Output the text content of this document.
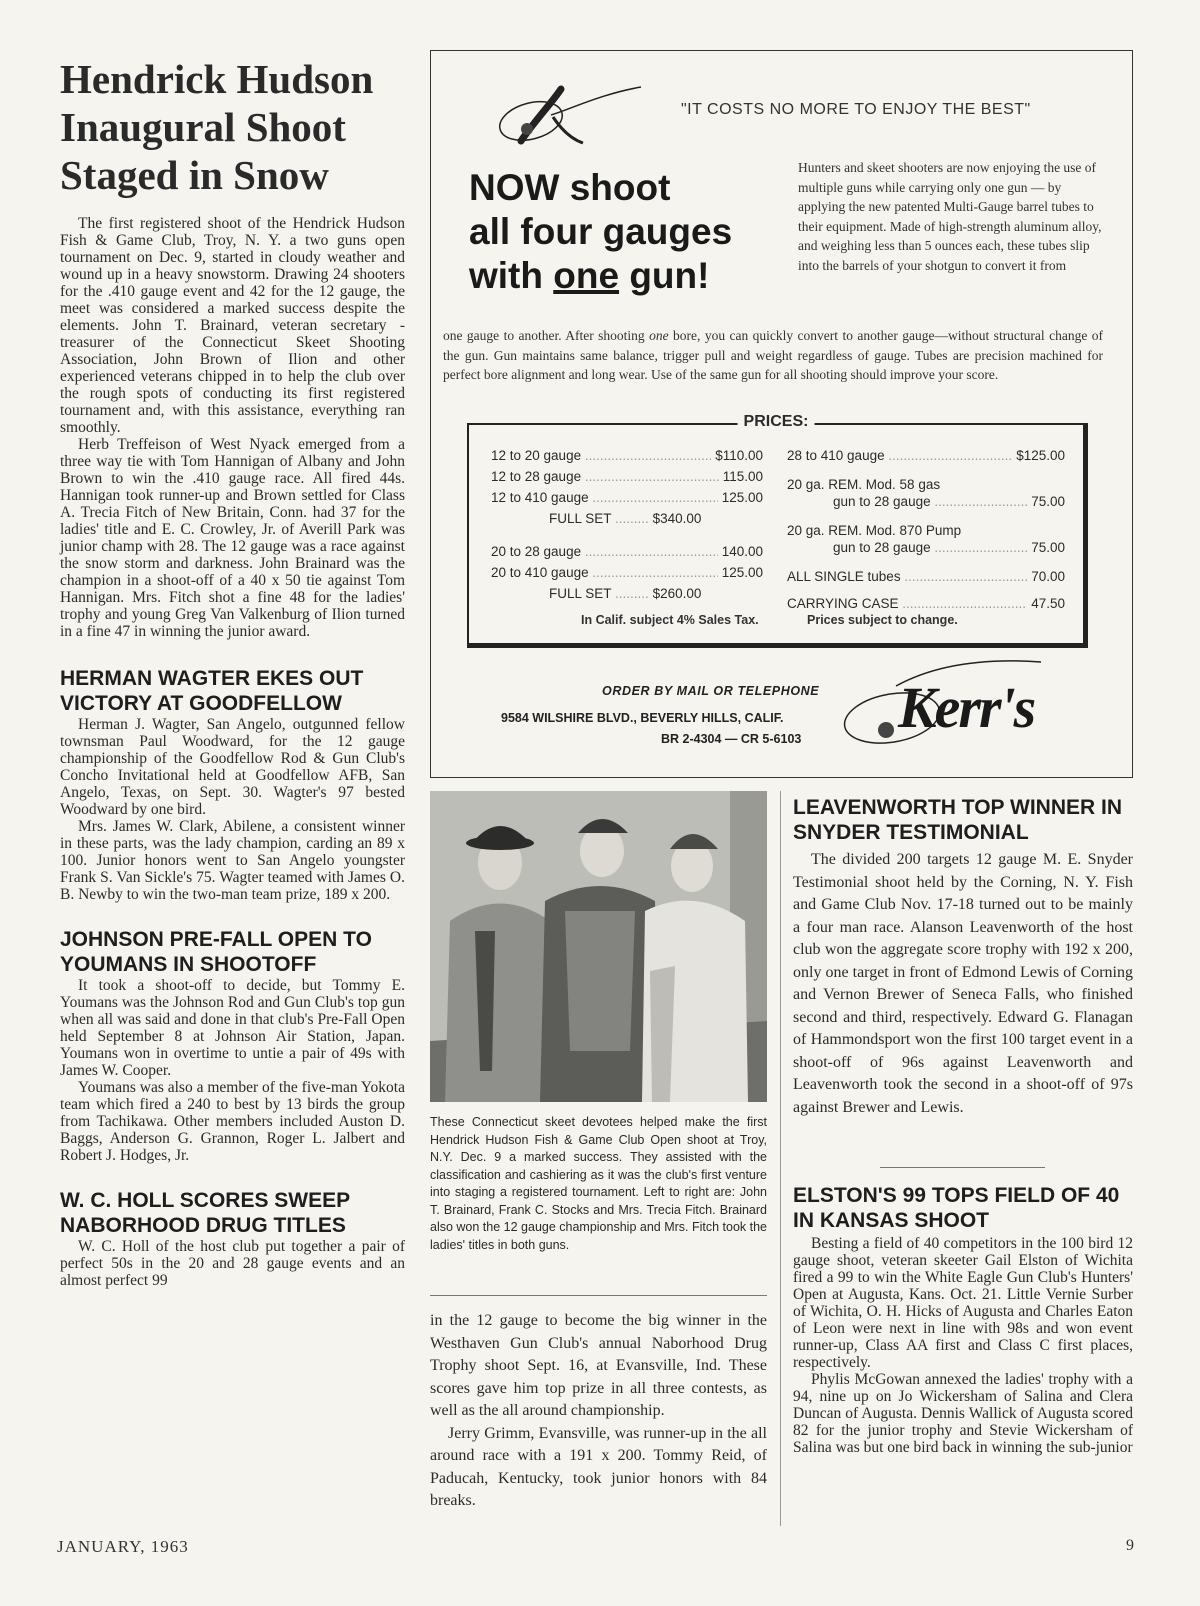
Hendrick Hudson Inaugural Shoot Staged in Snow

The first registered shoot of the Hendrick Hudson Fish & Game Club, Troy, N. Y. a two guns open tournament on Dec. 9, started in cloudy weather and wound up in a heavy snowstorm. Drawing 24 shooters for the .410 gauge event and 42 for the 12 gauge, the meet was considered a marked success despite the elements. John T. Brainard, veteran secretary - treasurer of the Connecticut Skeet Shooting Association, John Brown of Ilion and other experienced veterans chipped in to help the club over the rough spots of conducting its first registered tournament and, with this assistance, everything ran smoothly.

Herb Treffeison of West Nyack emerged from a three way tie with Tom Hannigan of Albany and John Brown to win the .410 gauge race. All fired 44s. Hannigan took runner-up and Brown settled for Class A. Trecia Fitch of New Britain, Conn. had 37 for the ladies' title and E. C. Crowley, Jr. of Averill Park was junior champ with 28. The 12 gauge was a race against the snow storm and darkness. John Brainard was the champion in a shoot-off of a 40 x 50 tie against Tom Hannigan. Mrs. Fitch shot a fine 48 for the ladies' trophy and young Greg Van Valkenburg of Ilion turned in a fine 47 in winning the junior award.

HERMAN WAGTER EKES OUT VICTORY AT GOODFELLOW

Herman J. Wagter, San Angelo, outgunned fellow townsman Paul Woodward, for the 12 gauge championship of the Goodfellow Rod & Gun Club's Concho Invitational held at Goodfellow AFB, San Angelo, Texas, on Sept. 30. Wagter's 97 bested Woodward by one bird.

Mrs. James W. Clark, Abilene, a consistent winner in these parts, was the lady champion, carding an 89 x 100. Junior honors went to San Angelo youngster Frank S. Van Sickle's 75. Wagter teamed with James O. B. Newby to win the two-man team prize, 189 x 200.

JOHNSON PRE-FALL OPEN TO YOUMANS IN SHOOTOFF

It took a shoot-off to decide, but Tommy E. Youmans was the Johnson Rod and Gun Club's top gun when all was said and done in that club's Pre-Fall Open held September 8 at Johnson Air Station, Japan. Youmans won in overtime to untie a pair of 49s with James W. Cooper.

Youmans was also a member of the five-man Yokota team which fired a 240 to best by 13 birds the group from Tachikawa. Other members included Auston D. Baggs, Anderson G. Grannon, Roger L. Jalbert and Robert J. Hodges, Jr.

W. C. HOLL SCORES SWEEP NABORHOOD DRUG TITLES

W. C. Holl of the host club put together a pair of perfect 50s in the 20 and 28 gauge events and an almost perfect 99

"IT COSTS NO MORE TO ENJOY THE BEST"
NOW shoot
all four gauges
with one gun!

Hunters and skeet shooters are now enjoying the use of multiple guns while carrying only one gun — by applying the new patented Multi-Gauge barrel tubes to their equipment. Made of high-strength aluminum alloy, and weighing less than 5 ounces each, these tubes slip into the barrels of your shotgun to convert it from

one gauge to another. After shooting one bore, you can quickly convert to another gauge—without structural change of the gun. Gun maintains same balance, trigger pull and weight regardless of gauge. Tubes are precision machined for perfect bore alignment and long wear. Use of the same gun for all shooting should improve your score.

PRICES:
12 to 20 gauge .....	$110.00
12 to 28 gauge .....	115.00
12 to 410 gauge .....	125.00
FULL SET ......... $340.00
20 to 28 gauge .....	140.00
20 to 410 gauge .....	125.00
FULL SET ......... $260.00
28 to 410 gauge .....	$125.00
20 ga. REM. Mod. 58 gas
gun to 28 gauge .....	75.00
20 ga. REM. Mod. 870 Pump
gun to 28 gauge .....	75.00
ALL SINGLE tubes .....	70.00
CARRYING CASE .....	47.50
In Calif. subject 4% Sales Tax.	Prices subject to change.
ORDER BY MAIL OR TELEPHONE
9584 WILSHIRE BLVD., BEVERLY HILLS, CALIF.
BR 2-4304 — CR 5-6103 Kerr's

These Connecticut skeet devotees helped make the first Hendrick Hudson Fish & Game Club Open shoot at Troy, N.Y. Dec. 9 a marked success. They assisted with the classification and cashiering as it was the club's first venture into staging a registered tournament. Left to right are: John T. Brainard, Frank C. Stocks and Mrs. Trecia Fitch. Brainard also won the 12 gauge championship and Mrs. Fitch took the ladies' titles in both guns.

in the 12 gauge to become the big winner in the Westhaven Gun Club's annual Naborhood Drug Trophy shoot Sept. 16, at Evansville, Ind. These scores gave him top prize in all three contests, as well as the all around championship.

Jerry Grimm, Evansville, was runner-up in the all around race with a 191 x 200. Tommy Reid, of Paducah, Kentucky, took junior honors with 84 breaks.

LEAVENWORTH TOP WINNER IN SNYDER TESTIMONIAL

The divided 200 targets 12 gauge M. E. Snyder Testimonial shoot held by the Corning, N. Y. Fish and Game Club Nov. 17-18 turned out to be mainly a four man race. Alanson Leavenworth of the host club won the aggregate score trophy with 192 x 200, only one target in front of Edmond Lewis of Corning and Vernon Brewer of Seneca Falls, who finished second and third, respectively. Edward G. Flanagan of Hammondsport won the first 100 target event in a shoot-off of 96s against Leavenworth and Leavenworth took the second in a shoot-off of 97s against Brewer and Lewis.

ELSTON'S 99 TOPS FIELD OF 40 IN KANSAS SHOOT

Besting a field of 40 competitors in the 100 bird 12 gauge shoot, veteran skeeter Gail Elston of Wichita fired a 99 to win the White Eagle Gun Club's Hunters' Open at Augusta, Kans. Oct. 21. Little Vernie Surber of Wichita, O. H. Hicks of Augusta and Charles Eaton of Leon were next in line with 98s and won event runner-up, Class AA first and Class C first places, respectively.

Phylis McGowan annexed the ladies' trophy with a 94, nine up on Jo Wickersham of Salina and Clera Duncan of Augusta. Dennis Wallick of Augusta scored 82 for the junior trophy and Stevie Wickersham of Salina was but one bird back in winning the sub-junior

JANUARY, 1963	9
